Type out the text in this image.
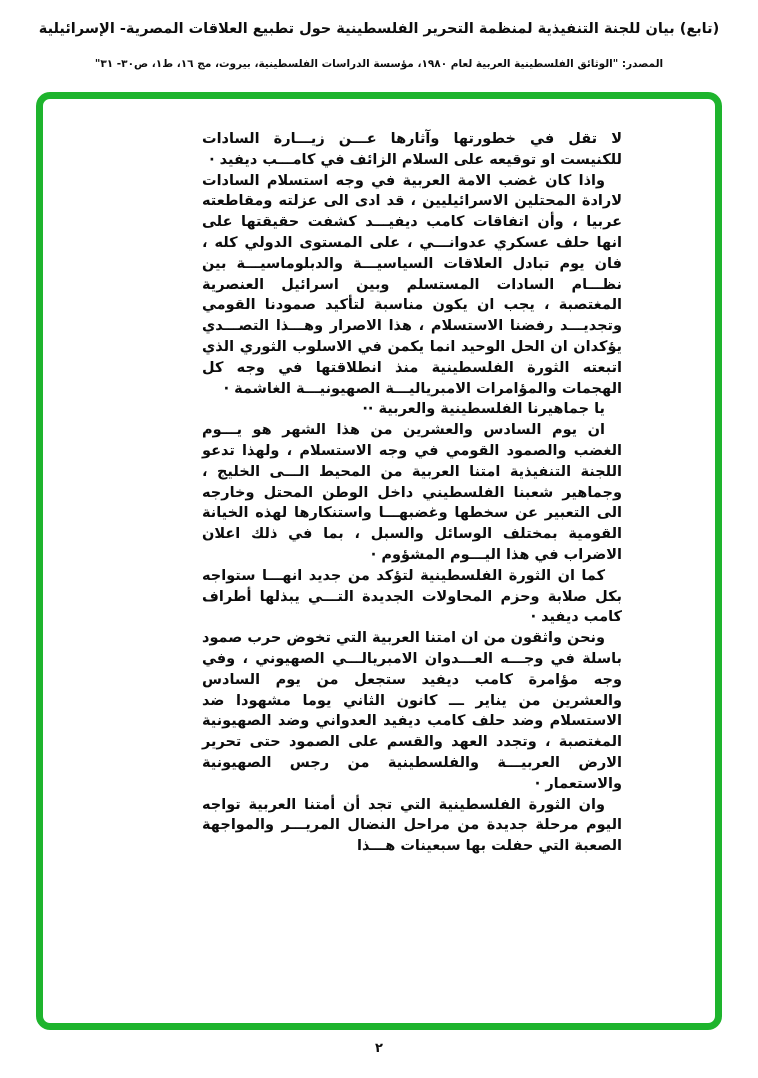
(تابع) بيان للجنة التنفيذية لمنظمة التحرير الفلسطينية حول تطبيع العلاقات المصرية- الإسرائيلية
المصدر: "الوثائق الفلسطينية العربية لعام ١٩٨٠، مؤسسة الدراسات الفلسطينية، بيروت، مج ١٦، ط١، ص٣٠- ٣١"

لا تقل في خطورتها وآثارها عـــن زيـــارة السادات للكنيست او توقيعه على السلام الزائف في كامـــب ديفيد ·

واذا كان غضب الامة العربية في وجه استسلام السادات لارادة المحتلين الاسرائيليين ، قد ادى الى عزلته ومقاطعته عربيا ، وأن اتفاقات كامب ديفيـــد كشفت حقيقتها على انها حلف عسكري عدوانـــي ، على المستوى الدولي كله ، فان يوم تبادل العلاقات السياسيـــة والدبلوماسيـــة بين نظـــام السادات المستسلم وبين اسرائيل العنصرية المغتصبة ، يجب ان يكون مناسبة لتأكيد صمودنا القومي وتجديـــد رفضنا الاستسلام ، هذا الاصرار وهـــذا التصـــدي يؤكدان ان الحل الوحيد انما يكمن في الاسلوب الثوري الذي اتبعته الثورة الفلسطينية منذ انطلاقتها في وجه كل الهجمات والمؤامرات الامبرياليـــة الصهيونيـــة الغاشمة ·

يا جماهيرنا الفلسطينية والعربية ··

ان يوم السادس والعشرين من هذا الشهر هو يـــوم الغضب والصمود القومي في وجه الاستسلام ، ولهذا تدعو اللجنة التنفيذية امتنا العربية من المحيط الـــى الخليج ، وجماهير شعبنا الفلسطيني داخل الوطن المحتل وخارجه الى التعبير عن سخطها وغضبهـــا واستنكارها لهذه الخيانة القومية بمختلف الوسائل والسبل ، بما في ذلك اعلان الاضراب في هذا اليـــوم المشؤوم ·

كما ان الثورة الفلسطينية لتؤكد من جديد انهـــا ستواجه بكل صلابة وحزم المحاولات الجديدة التـــي يبذلها أطراف كامب ديفيد ·

ونحن واثقون من ان امتنا العربية التي تخوض حرب صمود باسلة في وجـــه العـــدوان الامبريالـــي الصهيوني ، وفي وجه مؤامرة كامب ديفيد ستجعل من يوم السادس والعشرين من يناير ـــ كانون الثاني يوما مشهودا ضد الاستسلام وضد حلف كامب ديفيد العدواني وضد الصهيونية المغتصبة ، وتجدد العهد والقسم على الصمود حتى تحرير الارض العربيـــة والفلسطينية من رجس الصهيونية والاستعمار ·

وان الثورة الفلسطينية التي تجد أن أمتنا العربية تواجه اليوم مرحلة جديدة من مراحل النضال المريـــر والمواجهة الصعبة التي حفلت بها سبعينات هـــذا

٢
